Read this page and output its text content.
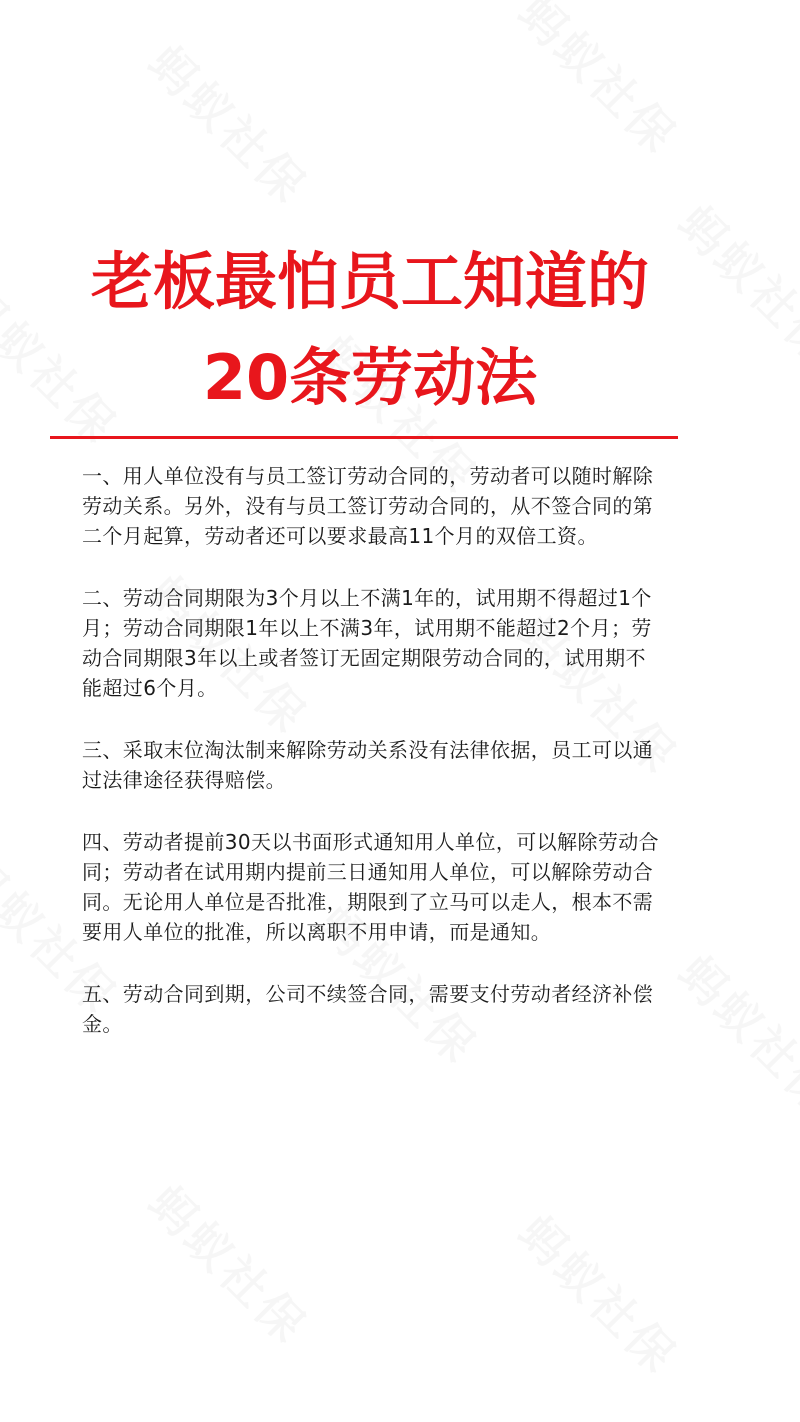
老板最怕员工知道的
20条劳动法

一、用人单位没有与员工签订劳动合同的，劳动者可以随时解除劳动关系。另外，没有与员工签订劳动合同的，从不签合同的第二个月起算，劳动者还可以要求最高11个月的双倍工资。

二、劳动合同期限为3个月以上不满1年的，试用期不得超过1个月；劳动合同期限1年以上不满3年，试用期不能超过2个月；劳动合同期限3年以上或者签订无固定期限劳动合同的，试用期不能超过6个月。

三、采取末位淘汰制来解除劳动关系没有法律依据，员工可以通过法律途径获得赔偿。

四、劳动者提前30天以书面形式通知用人单位，可以解除劳动合同；劳动者在试用期内提前三日通知用人单位，可以解除劳动合同。无论用人单位是否批准，期限到了立马可以走人，根本不需要用人单位的批准，所以离职不用申请，而是通知。

五、劳动合同到期，公司不续签合同，需要支付劳动者经济补偿金。
